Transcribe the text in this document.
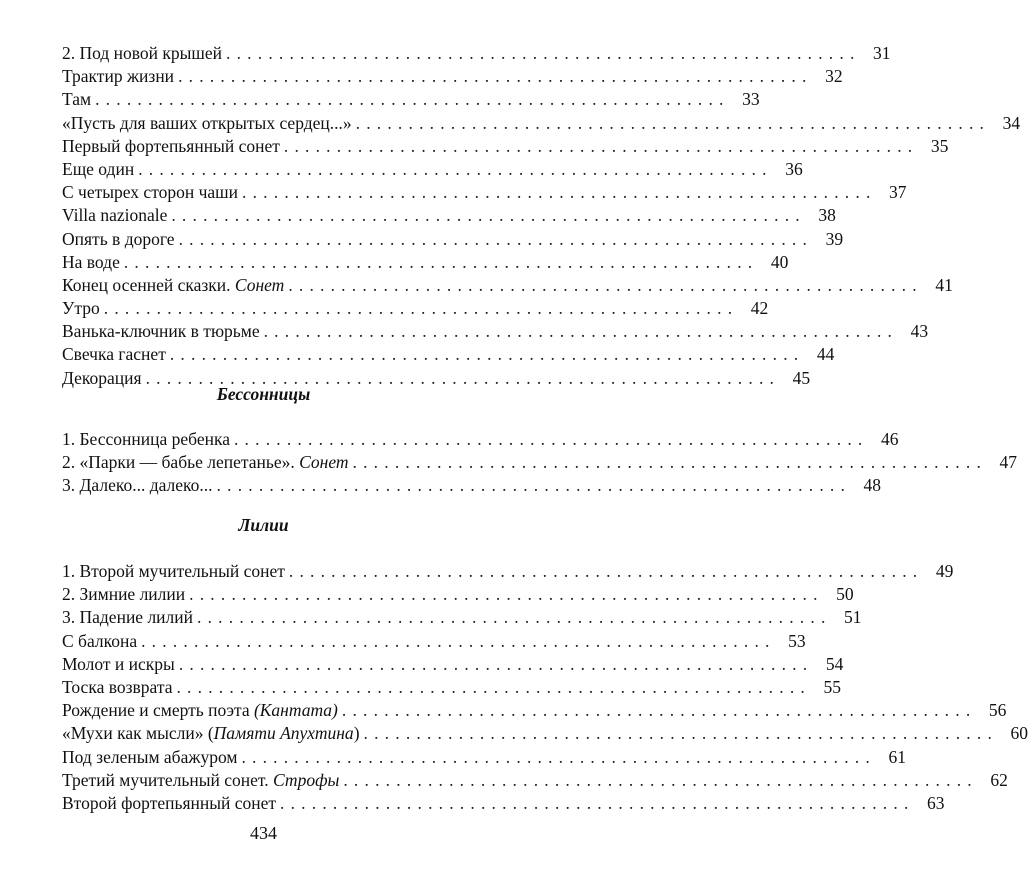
2. Под новой крышей ............................................................ 31
Трактир жизни ............................................................ 32
Там ............................................................ 33
«Пусть для ваших открытых сердец...» ............................................................ 34
Первый фортепьянный сонет ............................................................ 35
Еще один ............................................................ 36
С четырех сторон чаши ............................................................ 37
Villa nazionale ............................................................ 38
Опять в дороге ............................................................ 39
На воде ............................................................ 40
Конец осенней сказки. Сонет ............................................................ 41
Утро ............................................................ 42
Ванька-ключник в тюрьме ............................................................ 43
Свечка гаснет ............................................................ 44
Декорация ............................................................ 45
Бессонницы
1. Бессонница ребенка ............................................................ 46
2. «Парки — бабье лепетанье». Сонет ............................................................ 47
3. Далеко... далеко... ............................................................ 48
Лилии
1. Второй мучительный сонет ............................................................ 49
2. Зимние лилии ............................................................ 50
3. Падение лилий ............................................................ 51
С балкона ............................................................ 53
Молот и искры ............................................................ 54
Тоска возврата ............................................................ 55
Рождение и смерть поэта (Кантата) ............................................................ 56
«Мухи как мысли» (Памяти Апухтина) ............................................................ 60
Под зеленым абажуром ............................................................ 61
Третий мучительный сонет. Строфы ............................................................ 62
Второй фортепьянный сонет ............................................................ 63
434
